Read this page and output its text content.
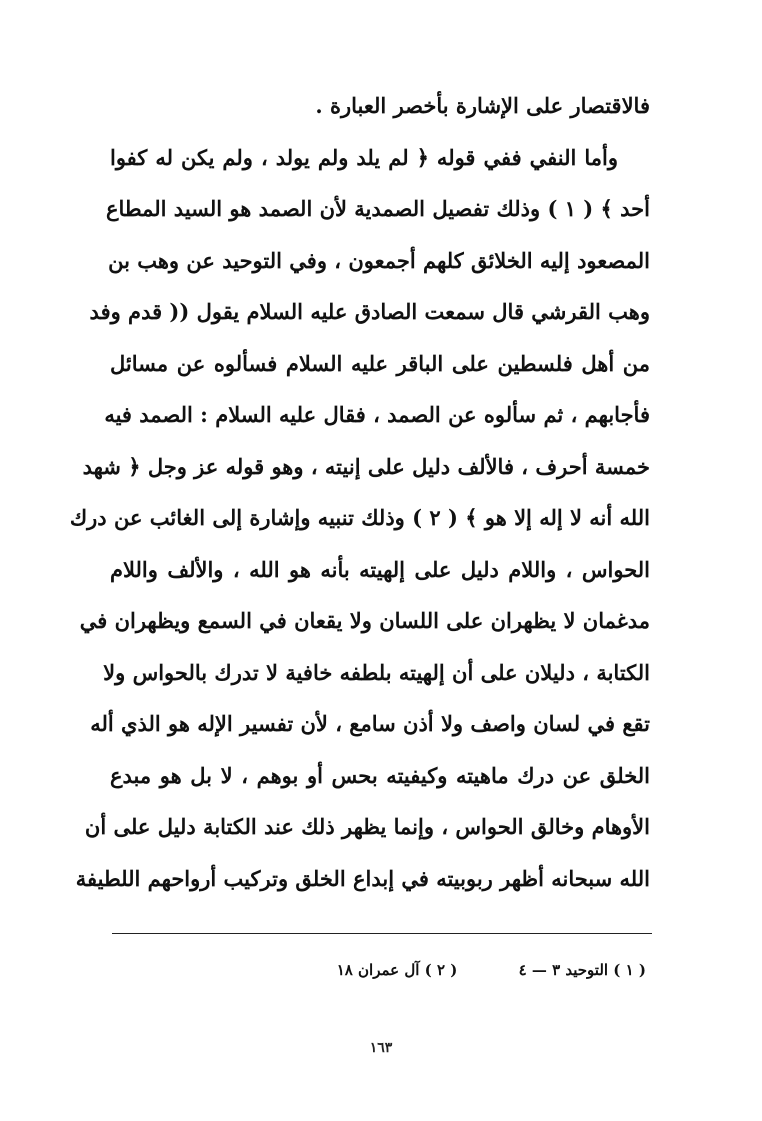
فالاقتصار على الإشارة بأخصر العبارة .
وأما النفي ففي قوله ﴿ لم يلد ولم يولد ، ولم يكن له كفوا
أحد ﴾ ( ١ ) وذلك تفصيل الصمدية لأن الصمد هو السيد المطاع
المصعود إليه الخلائق كلهم أجمعون ، وفي التوحيد عن وهب بن
وهب القرشي قال سمعت الصادق عليه السلام يقول (( قدم وفد
من أهل فلسطين على الباقر عليه السلام فسألوه عن مسائل
فأجابهم ، ثم سألوه عن الصمد ، فقال عليه السلام : الصمد فيه
خمسة أحرف ، فالألف دليل على إنيته ، وهو قوله عز وجل ﴿ شهد
الله أنه لا إله إلا هو ﴾ ( ٢ ) وذلك تنبيه وإشارة إلى الغائب عن درك
الحواس ، واللام دليل على إلهيته بأنه هو الله ، والألف واللام
مدغمان لا يظهران على اللسان ولا يقعان في السمع ويظهران في
الكتابة ، دليلان على أن إلهيته بلطفه خافية لا تدرك بالحواس ولا
تقع في لسان واصف ولا أذن سامع ، لأن تفسير الإله هو الذي أله
الخلق عن درك ماهيته وكيفيته بحس أو بوهم ، لا بل هو مبدع
الأوهام وخالق الحواس ، وإنما يظهر ذلك عند الكتابة دليل على أن
الله سبحانه أظهر ربوبيته في إبداع الخلق وتركيب أرواحهم اللطيفة
( ١ ) التوحيد ٣ — ٤ ( ٢ ) آل عمران ١٨
١٦٣
